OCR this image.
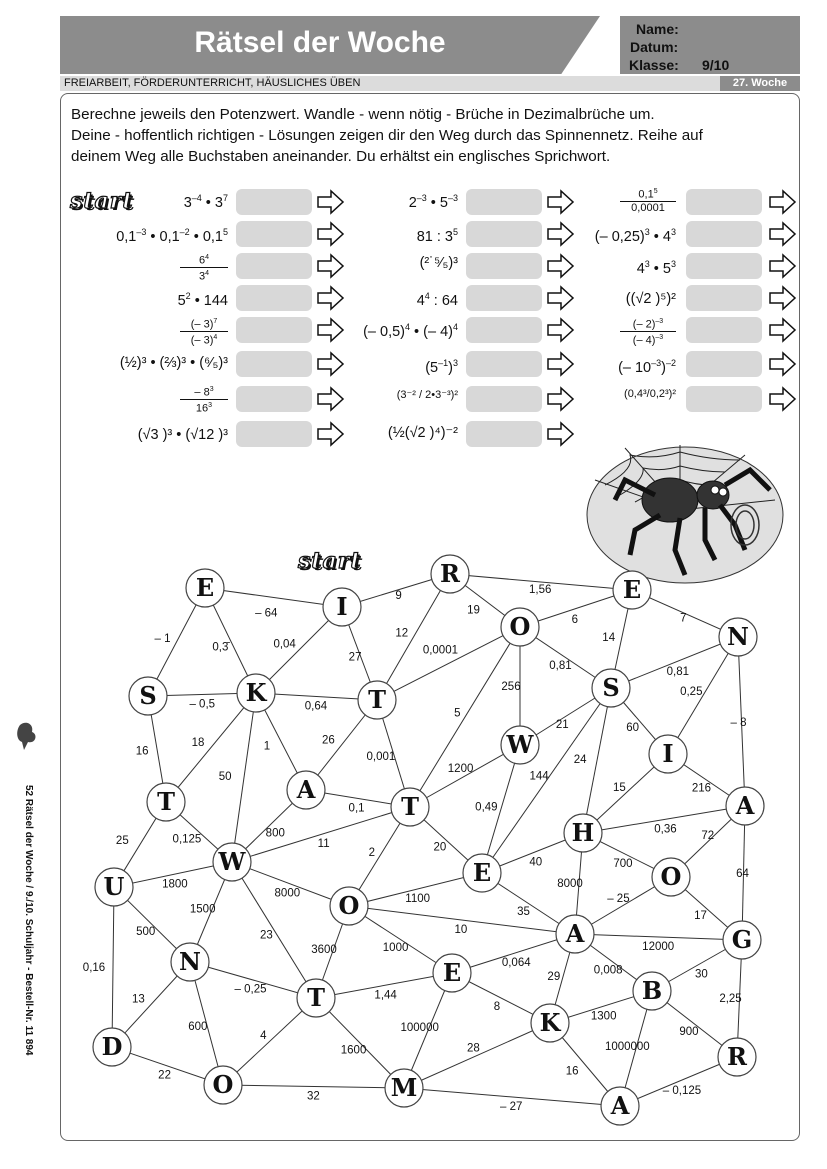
Rätsel der Woche	Name:
Datum:
Klasse: 9/10
FREIARBEIT, FÖRDERUNTERRICHT, HÄUSLICHES ÜBEN	27. Woche
Berechne jeweils den Potenzwert. Wandle - wenn nötig - Brüche in Dezimalbrüche um.
Deine - hoffentlich richtigen - Lösungen zeigen dir den Weg durch das Spinnennetz. Reihe auf
deinem Weg alle Buchstaben aneinander. Du erhältst ein englisches Sprichwort.
start	$3^{-4}$ • $3^7$
$0,1^{-3}$ • $0,1^{-2}$ • $0,1^5$
$6^4$
$3^4$
$5^2$ • 144
(– 3)$^7$
(– 3)$^4$
(½)³ • (⅔)³ • (⁶⁄₅)³
– $8^3$
$16^3$
(√3 )³ • (√12 )³
$2^{-3}$ • $5^{-3}$
81 : $3^5$
(²˙⁵⁄₅)³
$4^4$ : 64
(– 0,5)$^4$ • (– 4)$^4$
$(5^{-1})^3$
(3⁻² / 2•3⁻³)²
(½(√2 )⁴)⁻²
$0,1^5$
0,0001
(– 0,25)$^3$ • $4^3$
$4^3$ • $5^3$
((√2 )⁵)²
(– 2)$^{-3}$
(– 4)$^{-3}$
(– $10^{-3})^{-2}$
(0,4³/0,2³)²
start
– 64
9
1,56
19
6	7
14
– 1
0,3̄	0,04
27
12
0,0001
0,81	0,81
256
– 0,5	0,64
0,25
– 8
60
21
16
18	1
26
0,001
5
24
216
50
1200
0,49
144
15
25	0,125
800
0,1
11
0,36
20
40	700
72
64
1800
8000
2
1100
8000
35
– 25
17
500
1500
23
3600	1000
10
12000
0,16
13
– 0,25	1,44
0,064
0,008	30
29
8
1300
2,25
900
600
22
4
1600
100000
32
28	1000000
16
– 27
– 0,125
E
I
R
E
O	N
S	K	T	S
I
W
A
T	T
H
A
W
U	E	O
O
A	G
N
T
E
B
K
D	R
O	M
A
52 Rätsel der Woche / 9./10. Schuljahr - Bestell-Nr. 11 894
